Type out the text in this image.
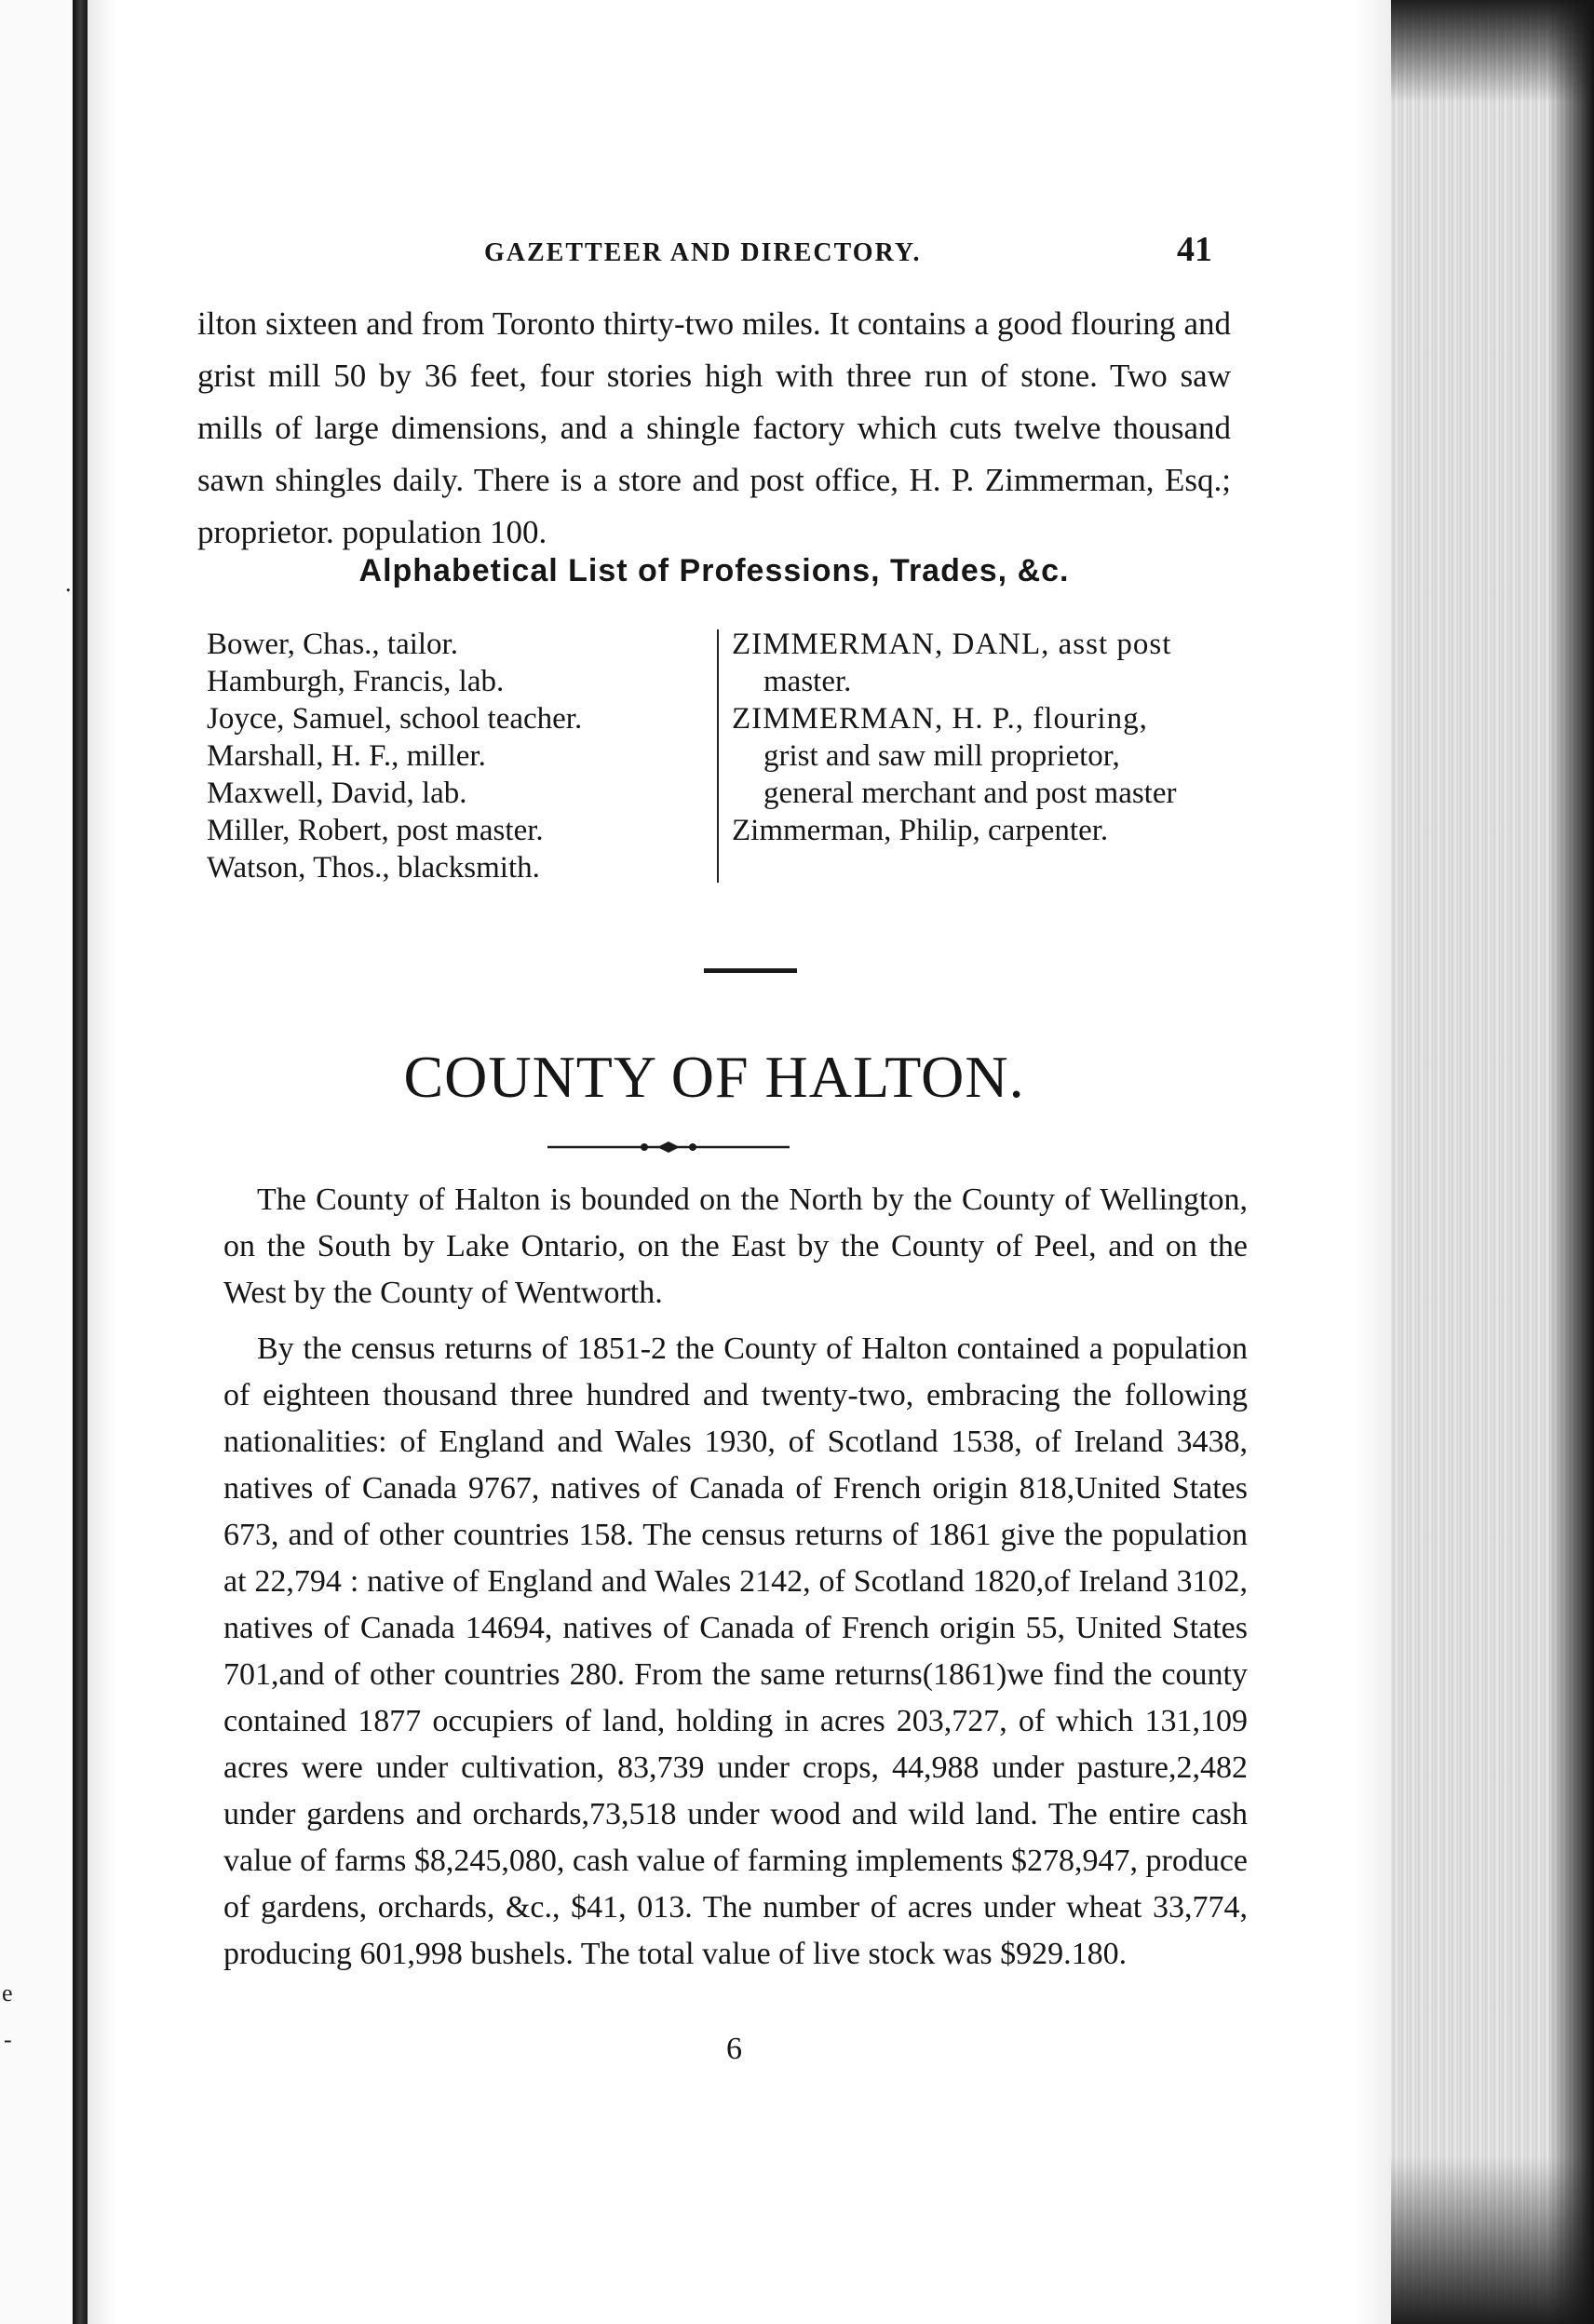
.
e
-
GAZETTEER AND DIRECTORY.	41

ilton sixteen and from Toronto thirty-two miles. It contains a good flouring and grist mill 50 by 36 feet, four stories high with three run of stone. Two saw mills of large dimensions, and a shingle factory which cuts twelve thousand sawn shingles daily. There is a store and post office, H. P. Zimmerman, Esq.; proprietor. population 100.

Alphabetical List of Professions, Trades, &c.
Bower, Chas., tailor.
Hamburgh, Francis, lab.
Joyce, Samuel, school teacher.
Marshall, H. F., miller.
Maxwell, David, lab.
Miller, Robert, post master.
Watson, Thos., blacksmith.
ZIMMERMAN, DANL, asst post
master.
ZIMMERMAN, H. P., flouring,
grist and saw mill proprietor,
general merchant and post master
Zimmerman, Philip, carpenter.
COUNTY OF HALTON.

The County of Halton is bounded on the North by the County of Wellington, on the South by Lake Ontario, on the East by the County of Peel, and on the West by the County of Wentworth.

By the census returns of 1851-2 the County of Halton contained a population of eighteen thousand three hundred and twenty-two, embracing the following nationalities: of England and Wales 1930, of Scotland 1538, of Ireland 3438, natives of Canada 9767, natives of Canada of French origin 818,United States 673, and of other countries 158. The census returns of 1861 give the population at 22,794 : native of England and Wales 2142, of Scotland 1820,of Ireland 3102, natives of Canada 14694, natives of Canada of French origin 55, United States 701,and of other countries 280. From the same returns(1861)we find the county contained 1877 occupiers of land, holding in acres 203,727, of which 131,109 acres were under cultivation, 83,739 under crops, 44,988 under pasture,2,482 under gardens and orchards,73,518 under wood and wild land. The entire cash value of farms $8,245,080, cash value of farming implements $278,947, produce of gardens, orchards, &c., $41, 013. The number of acres under wheat 33,774, producing 601,998 bushels. The total value of live stock was $929.180.

6
